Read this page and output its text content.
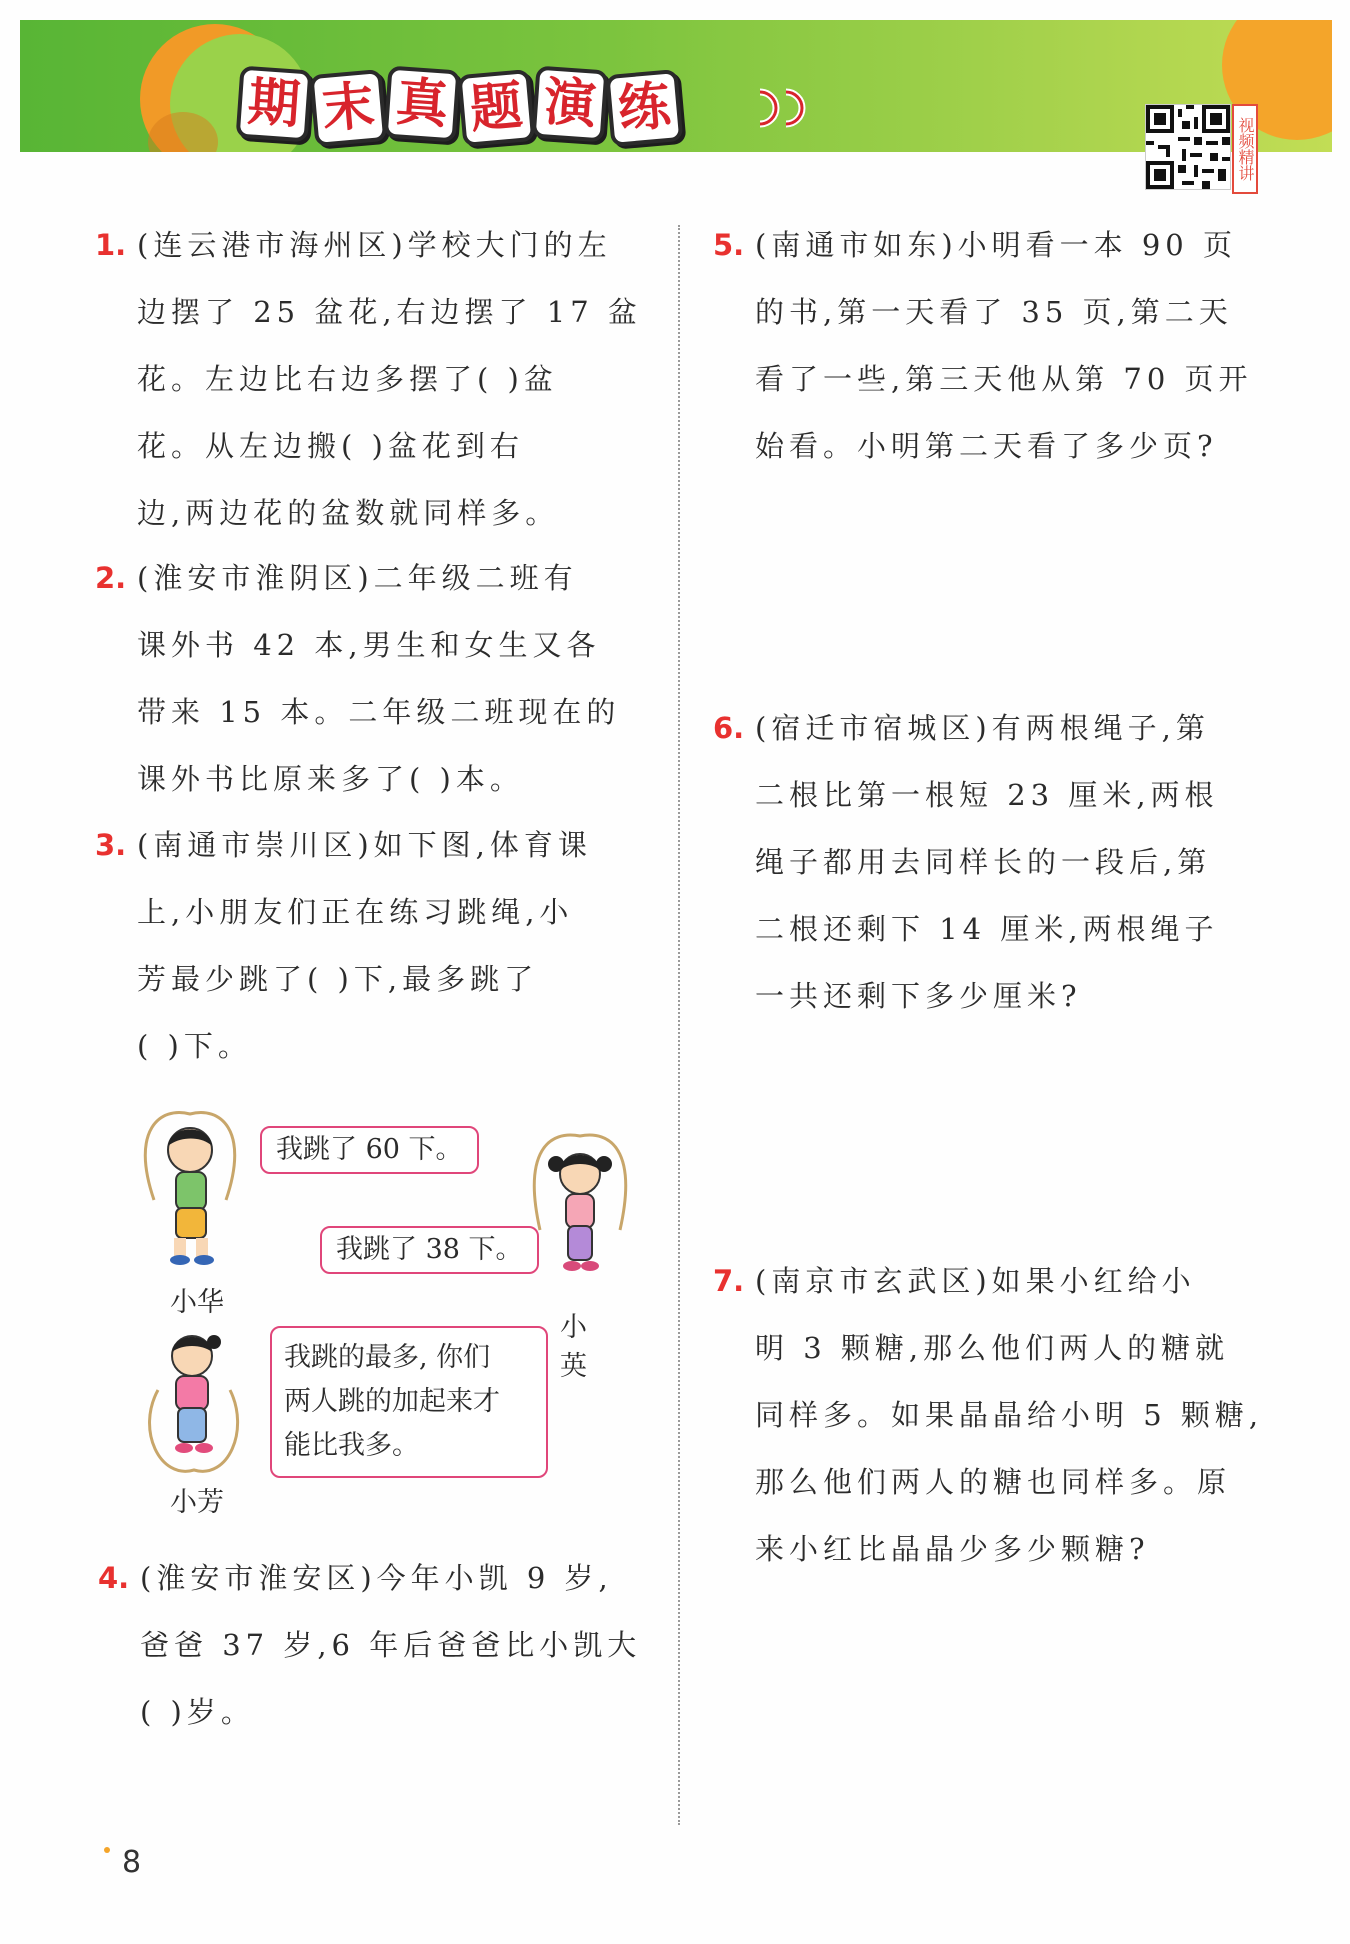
期 末 真 题 演 练
视频精讲
1. (连云港市海州区)学校大门的左
边摆了 25 盆花,右边摆了 17 盆
花。左边比右边多摆了( )盆
花。从左边搬( )盆花到右
边,两边花的盆数就同样多。
2. (淮安市淮阴区)二年级二班有
课外书 42 本,男生和女生又各
带来 15 本。二年级二班现在的
课外书比原来多了( )本。
3. (南通市崇川区)如下图,体育课
上,小朋友们正在练习跳绳,小
芳最少跳了( )下,最多跳了
( )下。
小华
我跳了 60 下。
小英
我跳了 38 下。
小芳
我跳的最多, 你们
两人跳的加起来才
能比我多。
4. (淮安市淮安区)今年小凯 9 岁,
爸爸 37 岁,6 年后爸爸比小凯大
( )岁。
5. (南通市如东)小明看一本 90 页
的书,第一天看了 35 页,第二天
看了一些,第三天他从第 70 页开
始看。小明第二天看了多少页?
6. (宿迁市宿城区)有两根绳子,第
二根比第一根短 23 厘米,两根
绳子都用去同样长的一段后,第
二根还剩下 14 厘米,两根绳子
一共还剩下多少厘米?
7. (南京市玄武区)如果小红给小
明 3 颗糖,那么他们两人的糖就
同样多。如果晶晶给小明 5 颗糖,
那么他们两人的糖也同样多。原
来小红比晶晶少多少颗糖?
8
